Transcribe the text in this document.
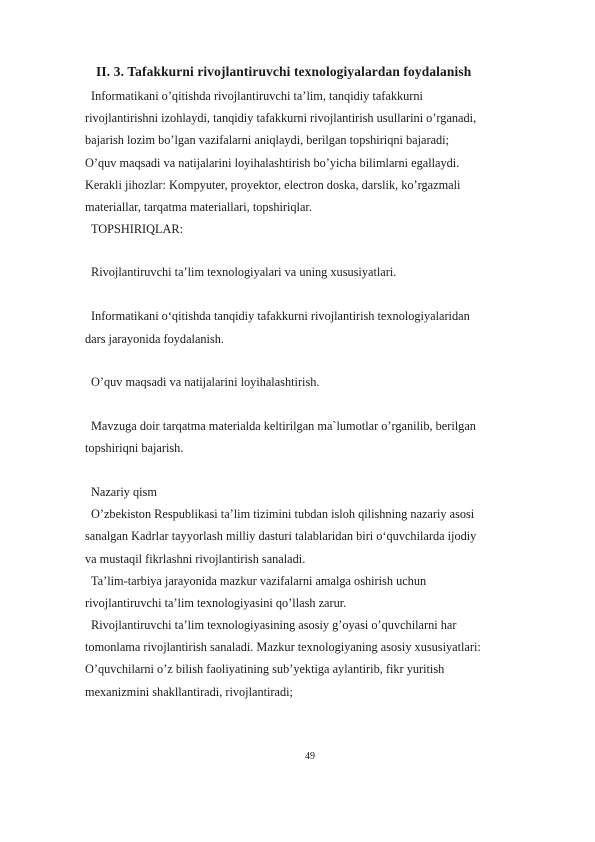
II. 3. Tafakkurni rivojlantiruvchi texnologiyalardan foydalanish
Informatikani o’qitishda rivojlantiruvchi ta’lim, tanqidiy tafakkurni
rivojlantirishni izohlaydi, tanqidiy tafakkurni rivojlantirish usullarini o’rganadi,
bajarish lozim bo’lgan vazifalarni aniqlaydi, berilgan topshiriqni bajaradi;
O’quv maqsadi va natijalarini loyihalashtirish bo’yicha bilimlarni egallaydi.
Kerakli jihozlar: Kompyuter, proyektor, electron doska, darslik, ko’rgazmali
materiallar, tarqatma materiallari, topshiriqlar.
TOPSHIRIQLAR:
Rivojlantiruvchi ta’lim texnologiyalari va uning xususiyatlari.
Informatikani o‘qitishda tanqidiy tafakkurni rivojlantirish texnologiyalaridan
dars jarayonida foydalanish.
O’quv maqsadi va natijalarini loyihalashtirish.
Mavzuga doir tarqatma materialda keltirilgan ma`lumotlar o’rganilib, berilgan
topshiriqni bajarish.
Nazariy qism
O’zbekiston Respublikasi ta’lim tizimini tubdan isloh qilishning nazariy asosi
sanalgan Kadrlar tayyorlash milliy dasturi talablaridan biri o‘quvchilarda ijodiy
va mustaqil fikrlashni rivojlantirish sanaladi.
Ta’lim-tarbiya jarayonida mazkur vazifalarni amalga oshirish uchun
rivojlantiruvchi ta’lim texnologiyasini qo’llash zarur.
Rivojlantiruvchi ta’lim texnologiyasining asosiy g’oyasi o’quvchilarni har
tomonlama rivojlantirish sanaladi. Mazkur texnologiyaning asosiy xususiyatlari:
O’quvchilarni o’z bilish faoliyatining sub’yektiga aylantirib, fikr yuritish
mexanizmini shakllantiradi, rivojlantiradi;
49
